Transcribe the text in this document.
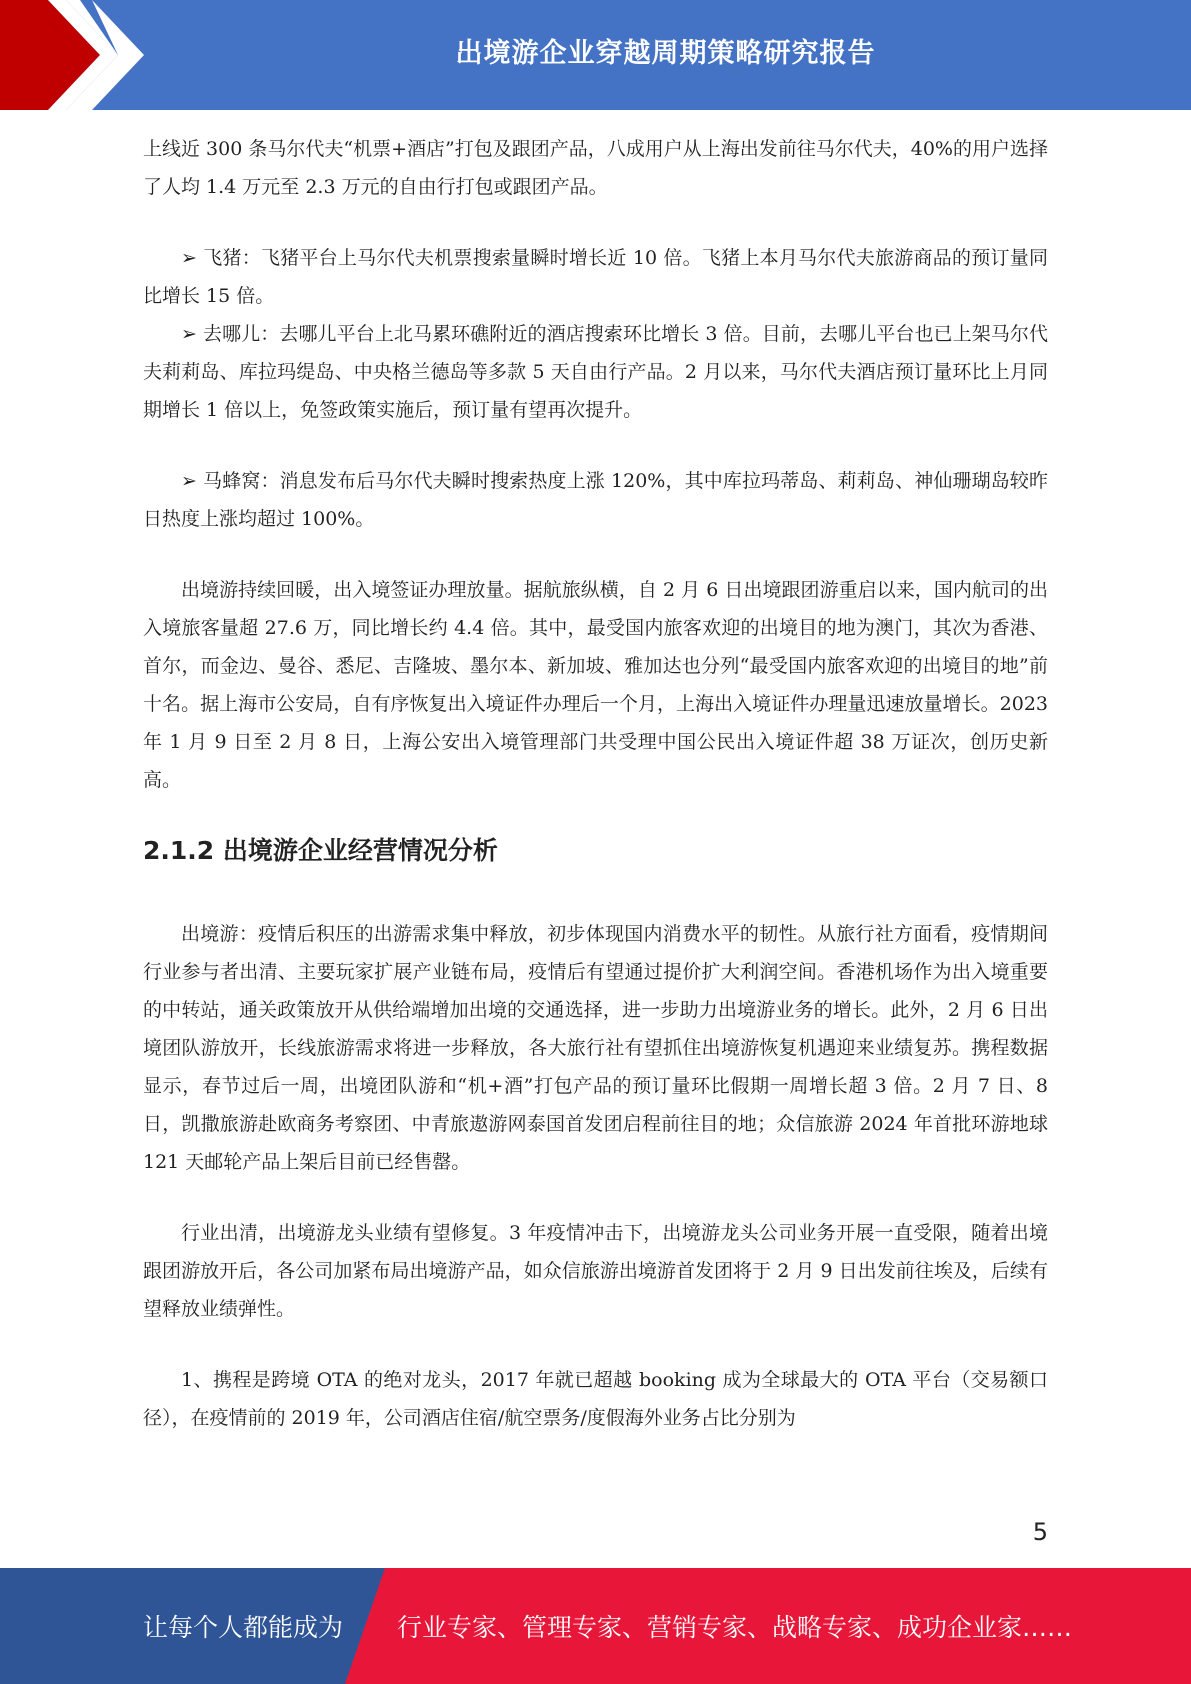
出境游企业穿越周期策略研究报告

上线近 300 条马尔代夫“机票+酒店”打包及跟团产品，八成用户从上海出发前往马尔代夫，40%的用户选择了人均 1.4 万元至 2.3 万元的自由行打包或跟团产品。

➢ 飞猪：飞猪平台上马尔代夫机票搜索量瞬时增长近 10 倍。飞猪上本月马尔代夫旅游商品的预订量同比增长 15 倍。

➢ 去哪儿：去哪儿平台上北马累环礁附近的酒店搜索环比增长 3 倍。目前，去哪儿平台也已上架马尔代夫莉莉岛、库拉玛缇岛、中央格兰德岛等多款 5 天自由行产品。2 月以来，马尔代夫酒店预订量环比上月同期增长 1 倍以上，免签政策实施后，预订量有望再次提升。

➢ 马蜂窝：消息发布后马尔代夫瞬时搜索热度上涨 120%，其中库拉玛蒂岛、莉莉岛、神仙珊瑚岛较昨日热度上涨均超过 100%。

出境游持续回暖，出入境签证办理放量。据航旅纵横，自 2 月 6 日出境跟团游重启以来，国内航司的出入境旅客量超 27.6 万，同比增长约 4.4 倍。其中，最受国内旅客欢迎的出境目的地为澳门，其次为香港、首尔，而金边、曼谷、悉尼、吉隆坡、墨尔本、新加坡、雅加达也分列“最受国内旅客欢迎的出境目的地”前十名。据上海市公安局，自有序恢复出入境证件办理后一个月，上海出入境证件办理量迅速放量增长。2023 年 1 月 9 日至 2 月 8 日，上海公安出入境管理部门共受理中国公民出入境证件超 38 万证次，创历史新高。

2.1.2 出境游企业经营情况分析

出境游：疫情后积压的出游需求集中释放，初步体现国内消费水平的韧性。从旅行社方面看，疫情期间行业参与者出清、主要玩家扩展产业链布局，疫情后有望通过提价扩大利润空间。香港机场作为出入境重要的中转站，通关政策放开从供给端增加出境的交通选择，进一步助力出境游业务的增长。此外，2 月 6 日出境团队游放开，长线旅游需求将进一步释放，各大旅行社有望抓住出境游恢复机遇迎来业绩复苏。携程数据显示，春节过后一周，出境团队游和“机+酒”打包产品的预订量环比假期一周增长超 3 倍。2 月 7 日、8 日，凯撒旅游赴欧商务考察团、中青旅遨游网泰国首发团启程前往目的地；众信旅游 2024 年首批环游地球 121 天邮轮产品上架后目前已经售罄。

行业出清，出境游龙头业绩有望修复。3 年疫情冲击下，出境游龙头公司业务开展一直受限，随着出境跟团游放开后，各公司加紧布局出境游产品，如众信旅游出境游首发团将于 2 月 9 日出发前往埃及，后续有望释放业绩弹性。

1、携程是跨境 OTA 的绝对龙头，2017 年就已超越 booking 成为全球最大的 OTA 平台（交易额口径），在疫情前的 2019 年，公司酒店住宿/航空票务/度假海外业务占比分别为

5
让每个人都能成为 行业专家、管理专家、营销专家、战略专家、成功企业家……
